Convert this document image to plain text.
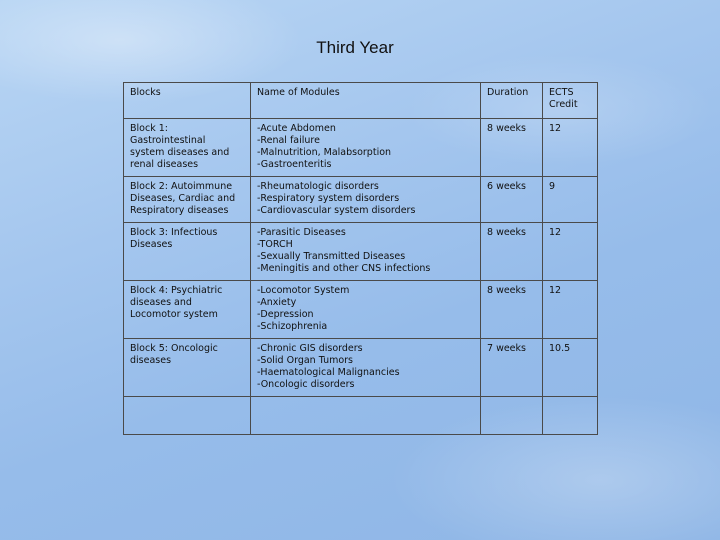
Third Year
Blocks	Name of Modules	Duration	ECTS
Credit
Block 1:
Gastrointestinal
system diseases and
renal diseases	-Acute Abdomen
-Renal failure
-Malnutrition, Malabsorption
-Gastroenteritis	8 weeks	12
Block 2: Autoimmune
Diseases, Cardiac and
Respiratory diseases	-Rheumatologic disorders
-Respiratory system disorders
-Cardiovascular system disorders	6 weeks	9
Block 3: Infectious
Diseases	-Parasitic Diseases
-TORCH
-Sexually Transmitted Diseases
-Meningitis and other CNS infections	8 weeks	12
Block 4: Psychiatric
diseases and
Locomotor system	-Locomotor System
-Anxiety
-Depression
-Schizophrenia	8 weeks	12
Block 5: Oncologic
diseases	-Chronic GIS disorders
-Solid Organ Tumors
-Haematological Malignancies
-Oncologic disorders	7 weeks	10.5
